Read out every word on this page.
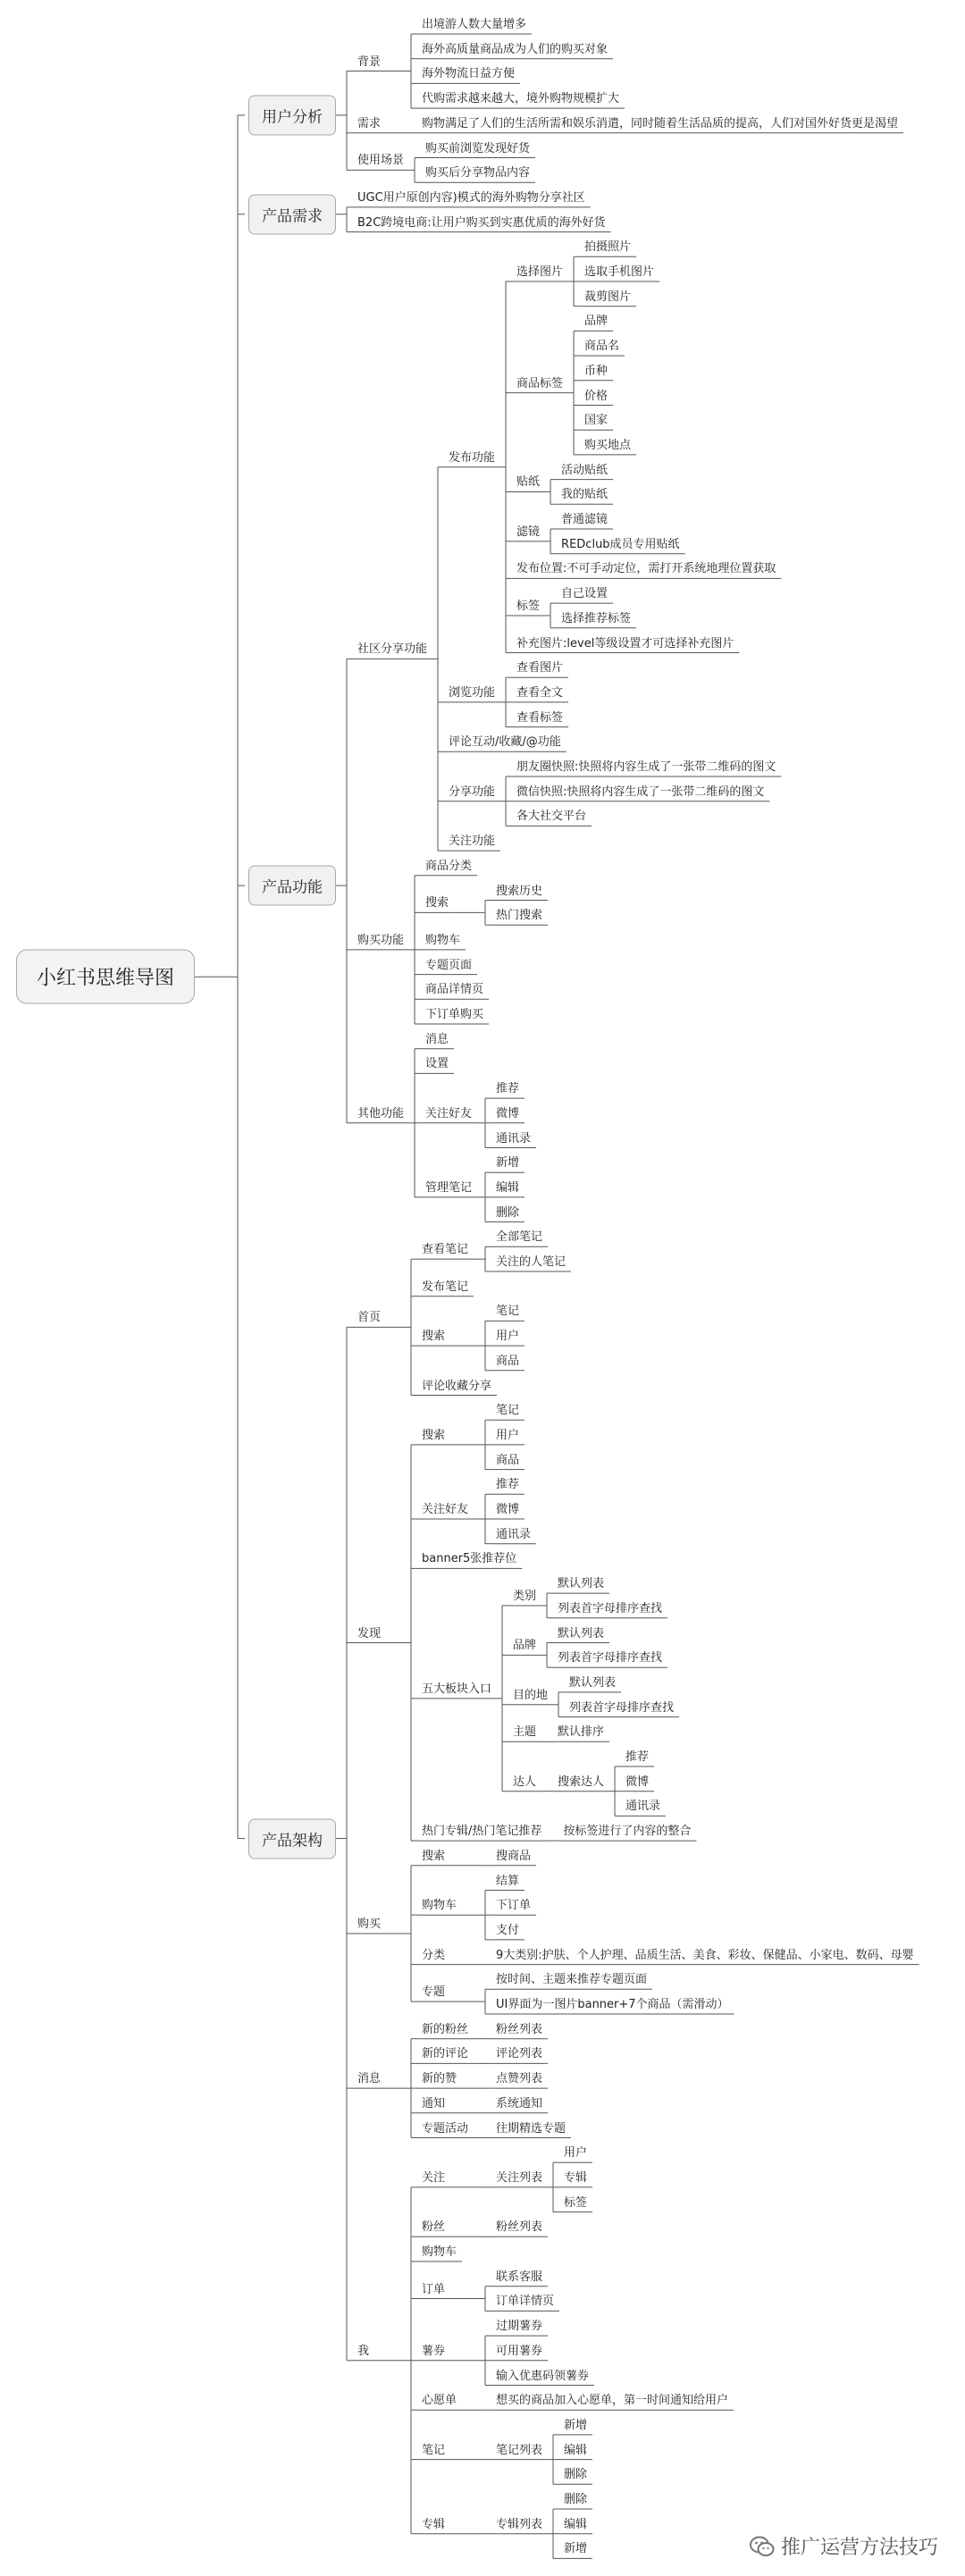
推广运营方法技巧
小红书思维导图
用户分析
背景
出境游人数大量增多
海外高质量商品成为人们的购买对象
海外物流日益方便
代购需求越来越大，境外购物规模扩大
需求	购物满足了人们的生活所需和娱乐消遣，同时随着生活品质的提高，人们对国外好货更是渴望
使用场景
购买前浏览发现好货
购买后分享物品内容
产品需求
UGC用户原创内容)模式的海外购物分享社区
B2C跨境电商:让用户购买到实惠优质的海外好货
产品功能
社区分享功能
发布功能
选择图片
拍摄照片
选取手机图片
裁剪图片
商品标签
品牌
商品名
币种
价格
国家
购买地点
贴纸
活动贴纸
我的贴纸
滤镜
普通滤镜
REDclub成员专用贴纸
发布位置:不可手动定位，需打开系统地理位置获取
标签
自己设置
选择推荐标签
补充图片:level等级设置才可选择补充图片
浏览功能
查看图片
查看全文
查看标签
评论互动/收藏/@功能
分享功能
朋友圈快照:快照将内容生成了一张带二维码的图文
微信快照:快照将内容生成了一张带二维码的图文
各大社交平台
关注功能
购买功能
商品分类
搜索
搜索历史
热门搜索
购物车
专题页面
商品详情页
下订单购买
其他功能
消息
设置
关注好友
推荐
微博
通讯录
管理笔记
新增
编辑
删除
产品架构
首页
查看笔记
全部笔记
关注的人笔记
发布笔记
搜索
笔记
用户
商品
评论收藏分享
发现
搜索
笔记
用户
商品
关注好友
推荐
微博
通讯录
banner5张推荐位
五大板块入口
类别
默认列表
列表首字母排序查找
品牌
默认列表
列表首字母排序查找
目的地
默认列表
列表首字母排序查找
主题 默认排序
达人 搜索达人
推荐
微博
通讯录
热门专辑/热门笔记推荐 按标签进行了内容的整合
购买
搜索	搜商品
购物车
结算
下订单
支付
分类	9大类别:护肤、个人护理、品质生活、美食、彩妆、保健品、小家电、数码、母婴
专题
按时间、主题来推荐专题页面
UI界面为一图片banner+7个商品（需滑动）
消息
新的粉丝 粉丝列表
新的评论 评论列表
新的赞	点赞列表
通知	系统通知
专题活动 往期精选专题
我
关注	关注列表
用户
专辑
标签
粉丝	粉丝列表
购物车
订单
联系客服
订单详情页
薯券
过期薯券
可用薯券
输入优惠码领薯券
心愿单	想买的商品加入心愿单，第一时间通知给用户
笔记	笔记列表
新增
编辑
删除
专辑	专辑列表
删除
编辑
新增
